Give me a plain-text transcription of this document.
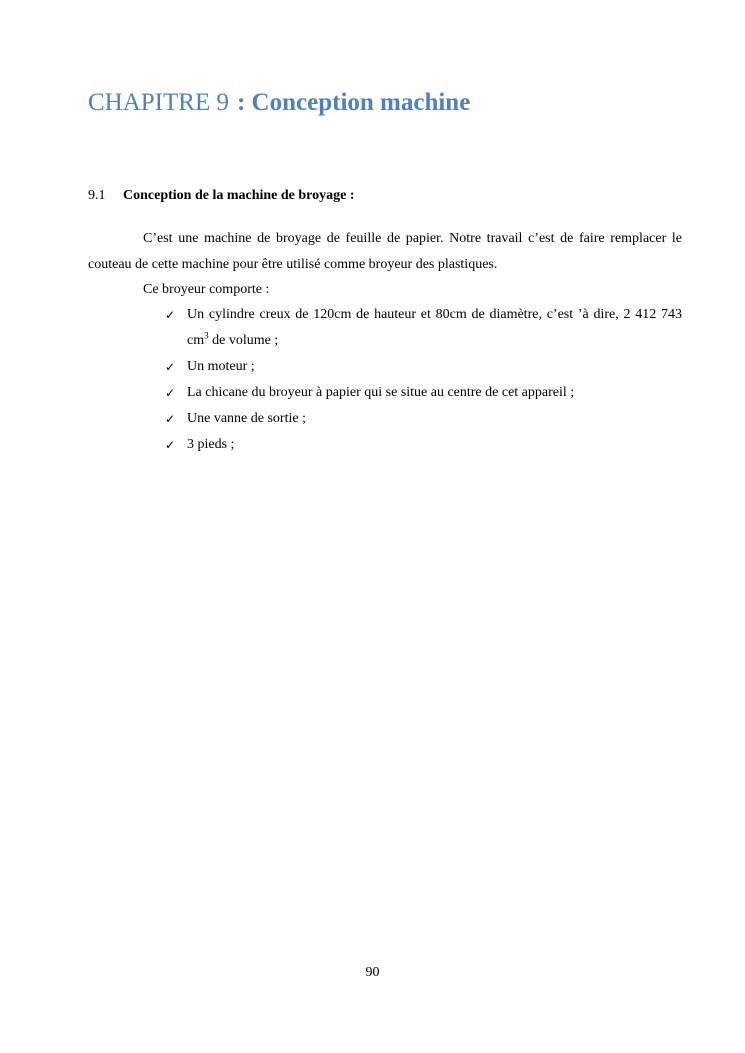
CHAPITRE 9 : Conception machine
9.1 Conception de la machine de broyage :

C’est une machine de broyage de feuille de papier. Notre travail c’est de faire remplacer le couteau de cette machine pour être utilisé comme broyeur des plastiques.

Ce broyeur comporte :

✓ Un cylindre creux de 120cm de hauteur et 80cm de diamètre, c’est ’à dire, 2 412 743 $cm^3$ de volume ;
✓ Un moteur ;
✓ La chicane du broyeur à papier qui se situe au centre de cet appareil ;
✓ Une vanne de sortie ;
✓ 3 pieds ;
90
